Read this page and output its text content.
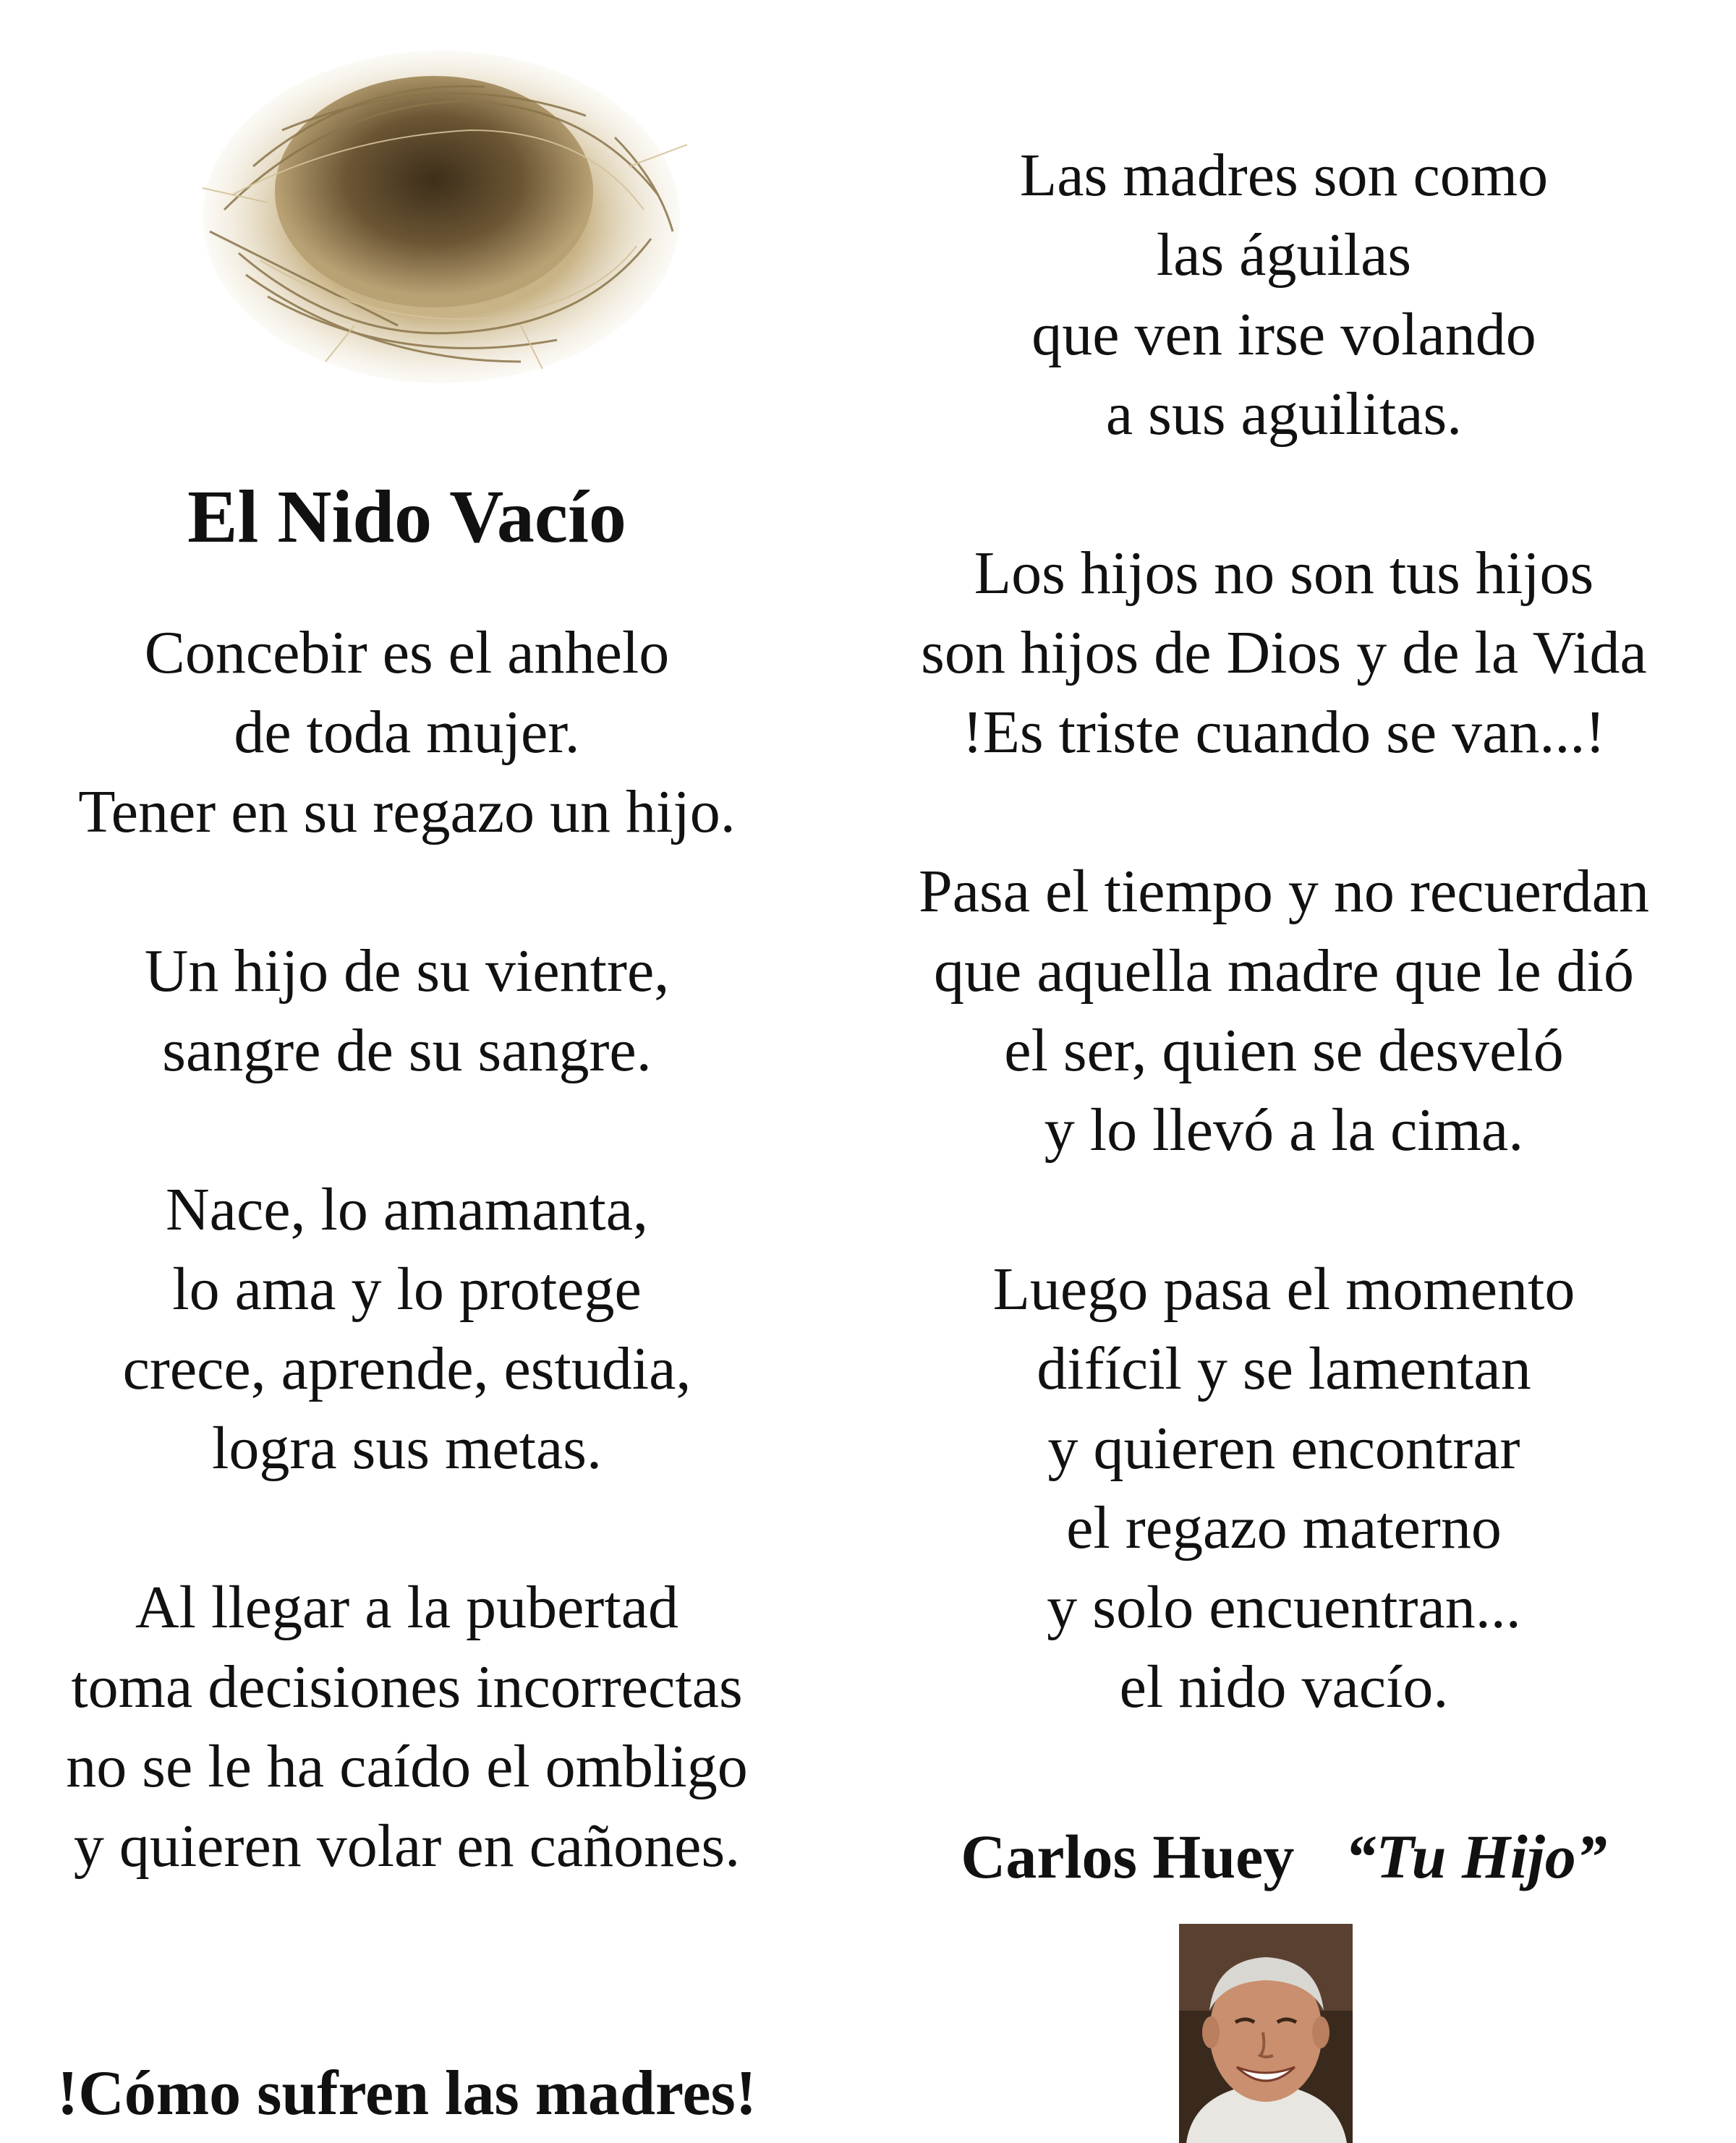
El Nido Vacío
Concebir es el anhelo
de toda mujer.
Tener en su regazo un hijo.
Un hijo de su vientre,
sangre de su sangre.
Nace, lo amamanta,
lo ama y lo protege
crece, aprende, estudia,
logra sus metas.
Al llegar a la pubertad
toma decisiones incorrectas
no se le ha caído el ombligo
y quieren volar en cañones.
!Cómo sufren las madres!
Las madres son como
las águilas
que ven irse volando
a sus aguilitas.
Los hijos no son tus hijos
son hijos de Dios y de la Vida
!Es triste cuando se van...!
Pasa el tiempo y no recuerdan
que aquella madre que le dió
el ser, quien se desveló
y lo llevó a la cima.
Luego pasa el momento
difícil y se lamentan
y quieren encontrar
el regazo materno
y solo encuentran...
el nido vacío.
Carlos Huey “Tu Hijo”
